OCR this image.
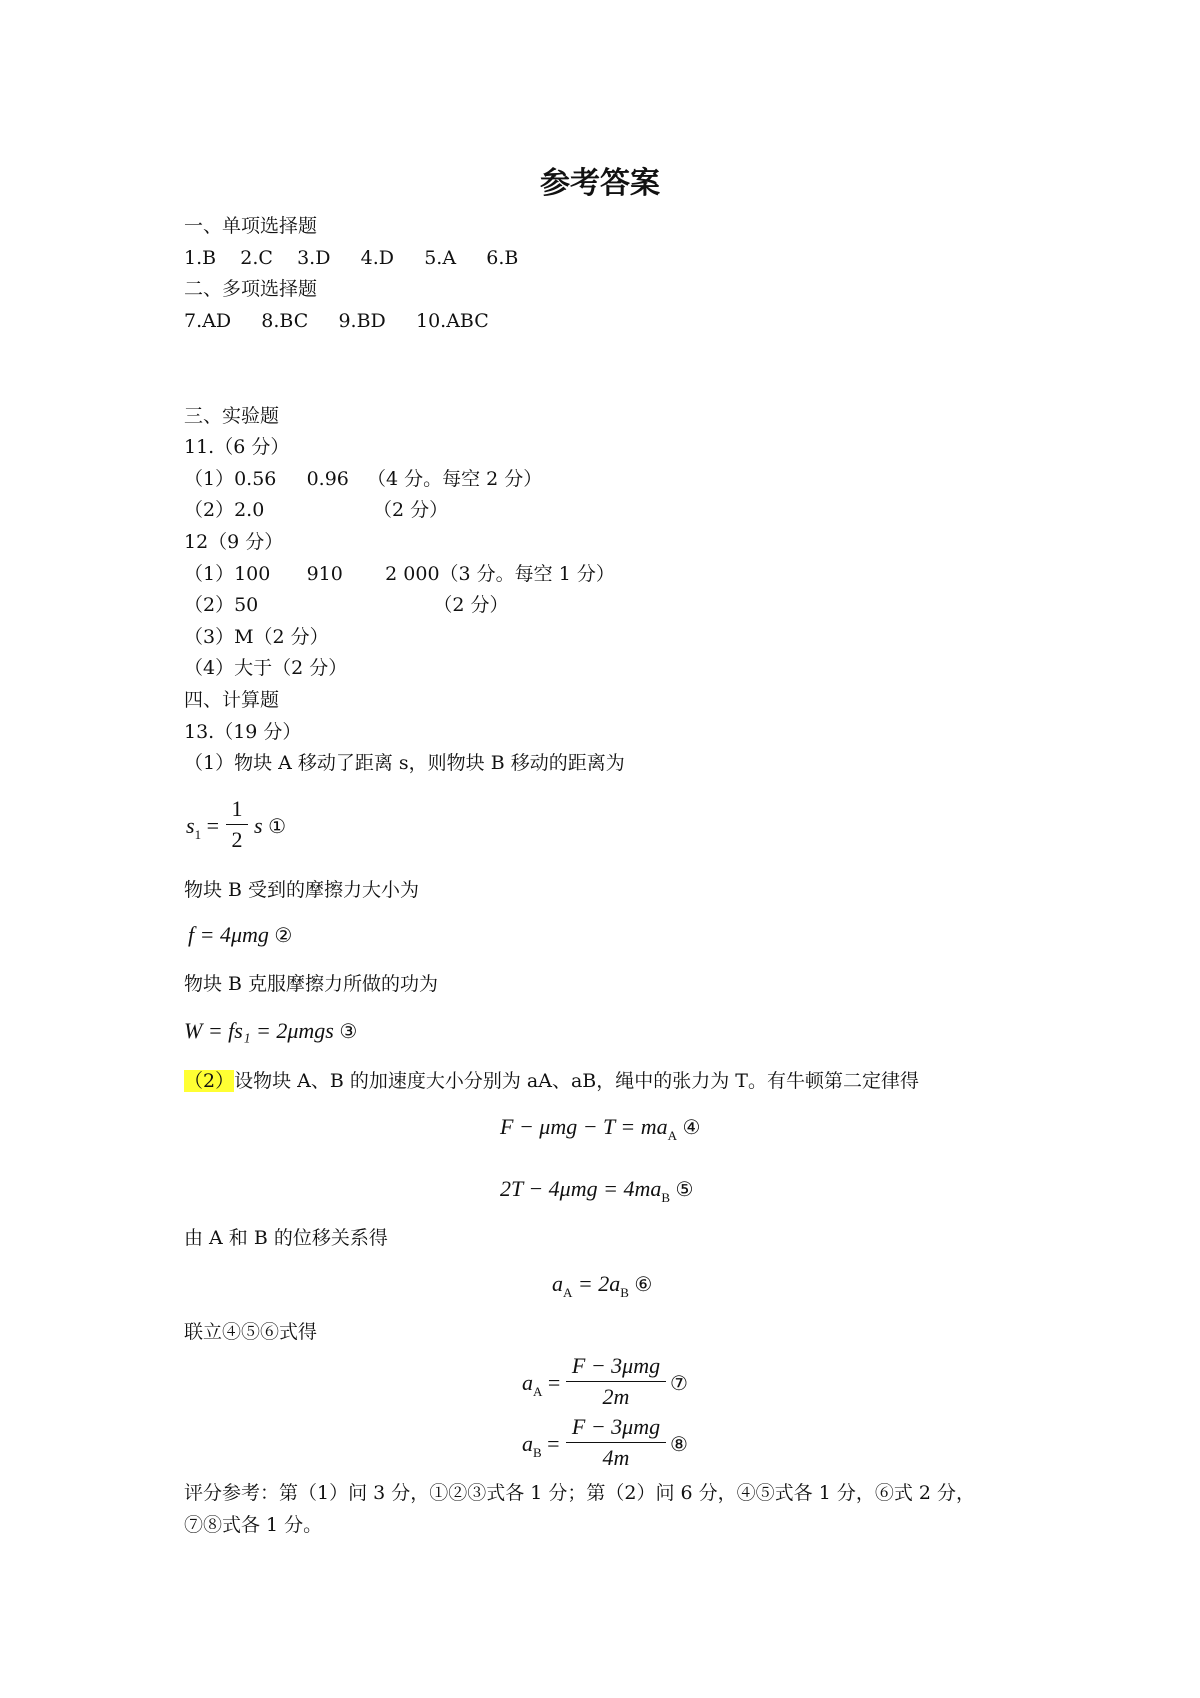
参考答案
一、单项选择题
1.B    2.C    3.D     4.D     5.A     6.B
二、多项选择题
7.AD     8.BC     9.BD     10.ABC
三、实验题
11.（6 分）
（1）0.56     0.96   （4 分。每空 2 分）
（2）2.0                  （2 分）
12（9 分）
（1）100      910       2 000（3 分。每空 1 分）
（2）50                             （2 分）
（3）M（2 分）
（4）大于（2 分）
四、计算题
13.（19 分）
（1）物块 A 移动了距离 s，则物块 B 移动的距离为
$s_1$ =
1
2
s ①
物块 B 受到的摩擦力大小为
f = 4μmg ②
物块 B 克服摩擦力所做的功为
W = fs₁ = 2μmgs ③
（2）设物块 A、B 的加速度大小分别为 aA、aB，绳中的张力为 T。有牛顿第二定律得
$F - \mu mg - T = ma_A$ ④
$2T - 4\mu mg = 4ma_B$ ⑤
由 A 和 B 的位移关系得
$a_A = 2a_B$ ⑥
联立④⑤⑥式得
$a_A$ =
F − 3μmg
2m
⑦
$a_B$ =
F − 3μmg
4m
⑧
评分参考：第（1）问 3 分，①②③式各 1 分；第（2）问 6 分，④⑤式各 1 分，⑥式 2 分，
⑦⑧式各 1 分。
